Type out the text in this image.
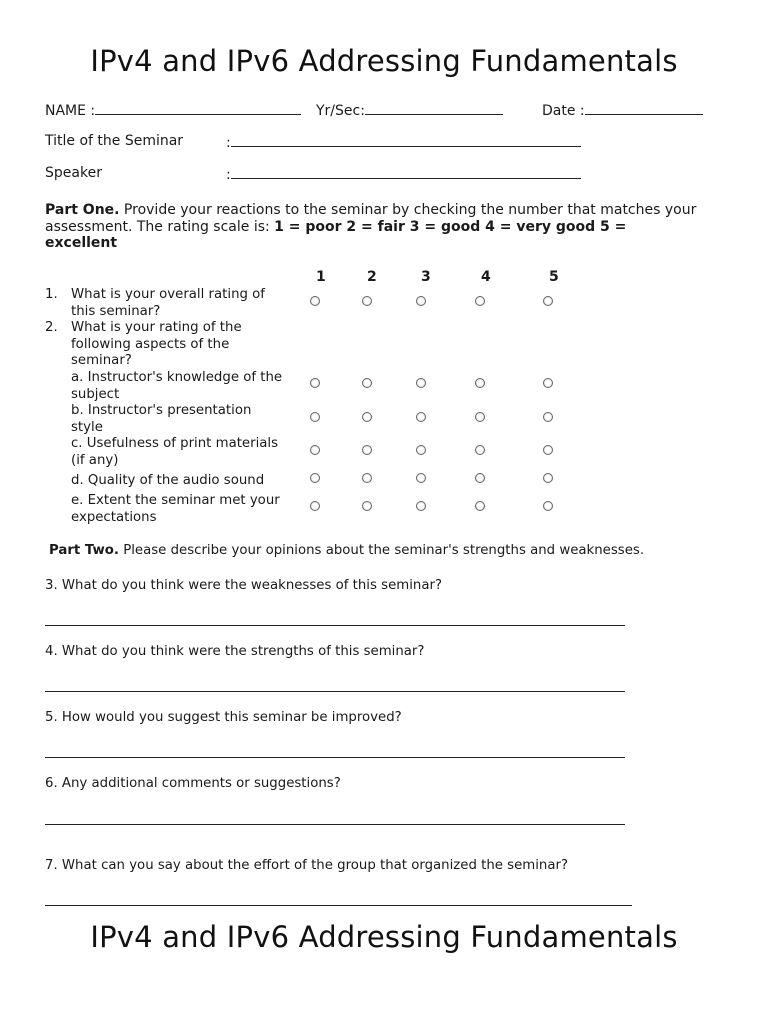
IPv4 and IPv6 Addressing Fundamentals
NAME :	Yr/Sec:	Date :
Title of the Seminar	:
Speaker	:
Part One. Provide your reactions to the seminar by checking the number that matches your
assessment. The rating scale is: 1 = poor 2 = fair 3 = good 4 = very good 5 =
excellent
1	2	3	4	5
1. What is your overall rating of
this seminar?
2. What is your rating of the
following aspects of the
seminar?
a. Instructor's knowledge of the
subject
b. Instructor's presentation
style
c. Usefulness of print materials
(if any)
d. Quality of the audio sound
e. Extent the seminar met your
expectations
Part Two. Please describe your opinions about the seminar's strengths and weaknesses.
3. What do you think were the weaknesses of this seminar?
4. What do you think were the strengths of this seminar?
5. How would you suggest this seminar be improved?
6. Any additional comments or suggestions?
7. What can you say about the effort of the group that organized the seminar?
IPv4 and IPv6 Addressing Fundamentals
